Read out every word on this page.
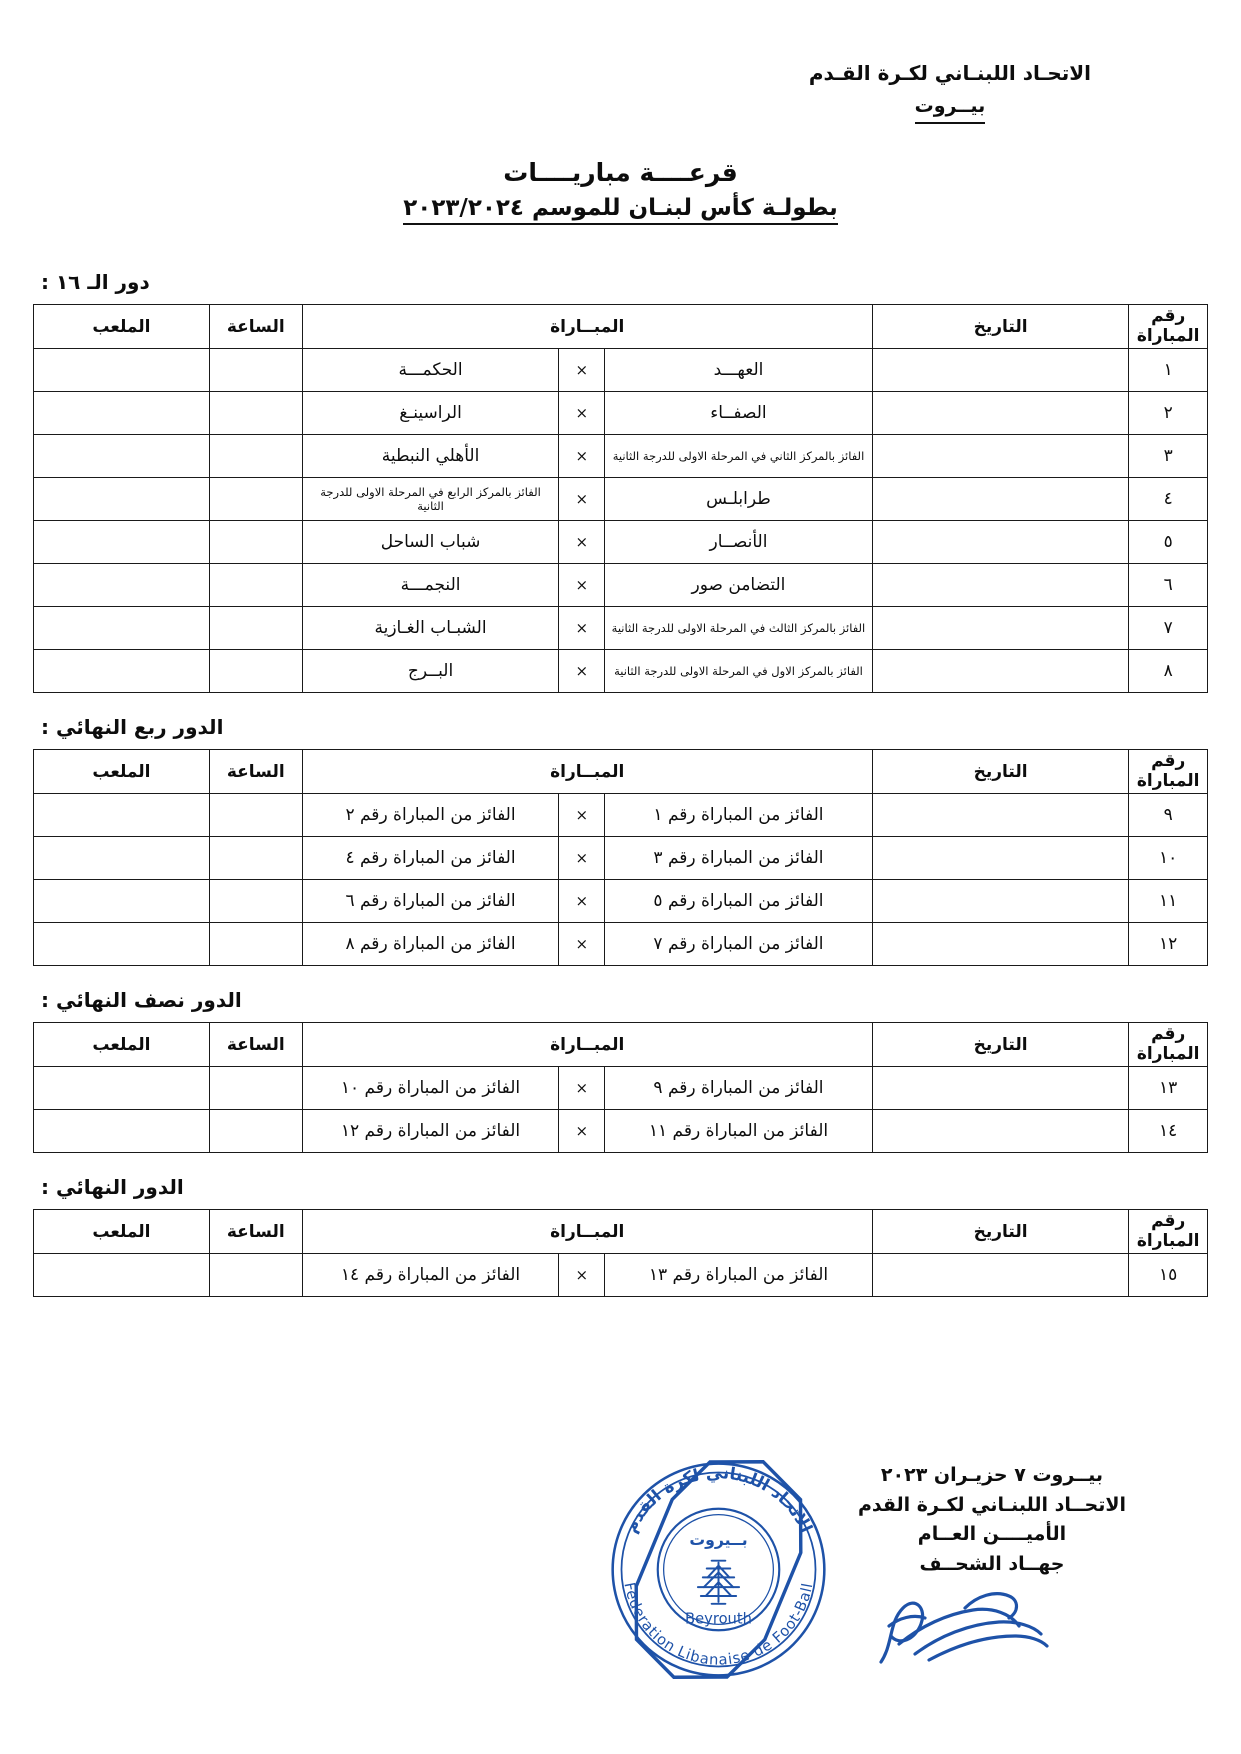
الاتحـاد اللبنـاني لكـرة القـدم
بيــروت
قرعــــة مباريــــات
بطولـة كأس لبنـان للموسم ٢٠٢٣/٢٠٢٤
دور الـ ١٦ :
رقم
المباراة	التاريخ	المبــاراة			الساعة	الملعب
١		العهـــد	×	الحكمـــة		
٢		الصفــاء	×	الراسينـغ		
٣		الفائز بالمركز الثاني في المرحلة الاولى للدرجة الثانية	×	الأهلي النبطية		
٤		طرابلـس	×	الفائز بالمركز الرابع في المرحلة الاولى للدرجة الثانية		
٥		الأنصــار	×	شباب الساحل		
٦		التضامن صور	×	النجمـــة		
٧		الفائز بالمركز الثالث في المرحلة الاولى للدرجة الثانية	×	الشبـاب الغـازية		
٨		الفائز بالمركز الاول في المرحلة الاولى للدرجة الثانية	×	البــرج		
الدور ربع النهائي :
رقم
المباراة	التاريخ	المبــاراة			الساعة	الملعب
٩		الفائز من المباراة رقم ١	×	الفائز من المباراة رقم ٢		
١٠		الفائز من المباراة رقم ٣	×	الفائز من المباراة رقم ٤		
١١		الفائز من المباراة رقم ٥	×	الفائز من المباراة رقم ٦		
١٢		الفائز من المباراة رقم ٧	×	الفائز من المباراة رقم ٨		
الدور نصف النهائي :
رقم
المباراة	التاريخ	المبــاراة			الساعة	الملعب
١٣		الفائز من المباراة رقم ٩	×	الفائز من المباراة رقم ١٠		
١٤		الفائز من المباراة رقم ١١	×	الفائز من المباراة رقم ١٢		
الدور النهائي :
رقم
المباراة	التاريخ	المبــاراة			الساعة	الملعب
١٥		الفائز من المباراة رقم ١٣	×	الفائز من المباراة رقم ١٤		
بيــروت ٧ حزيـران ٢٠٢٣
الاتحــاد اللبنـاني لكـرة القدم
الأميــــن العــام
جهــاد الشحــف
الاتحاد اللبناني لكرة القدم
Federation Libanaise de Foot-Ball
بــيروت
Beyrouth
